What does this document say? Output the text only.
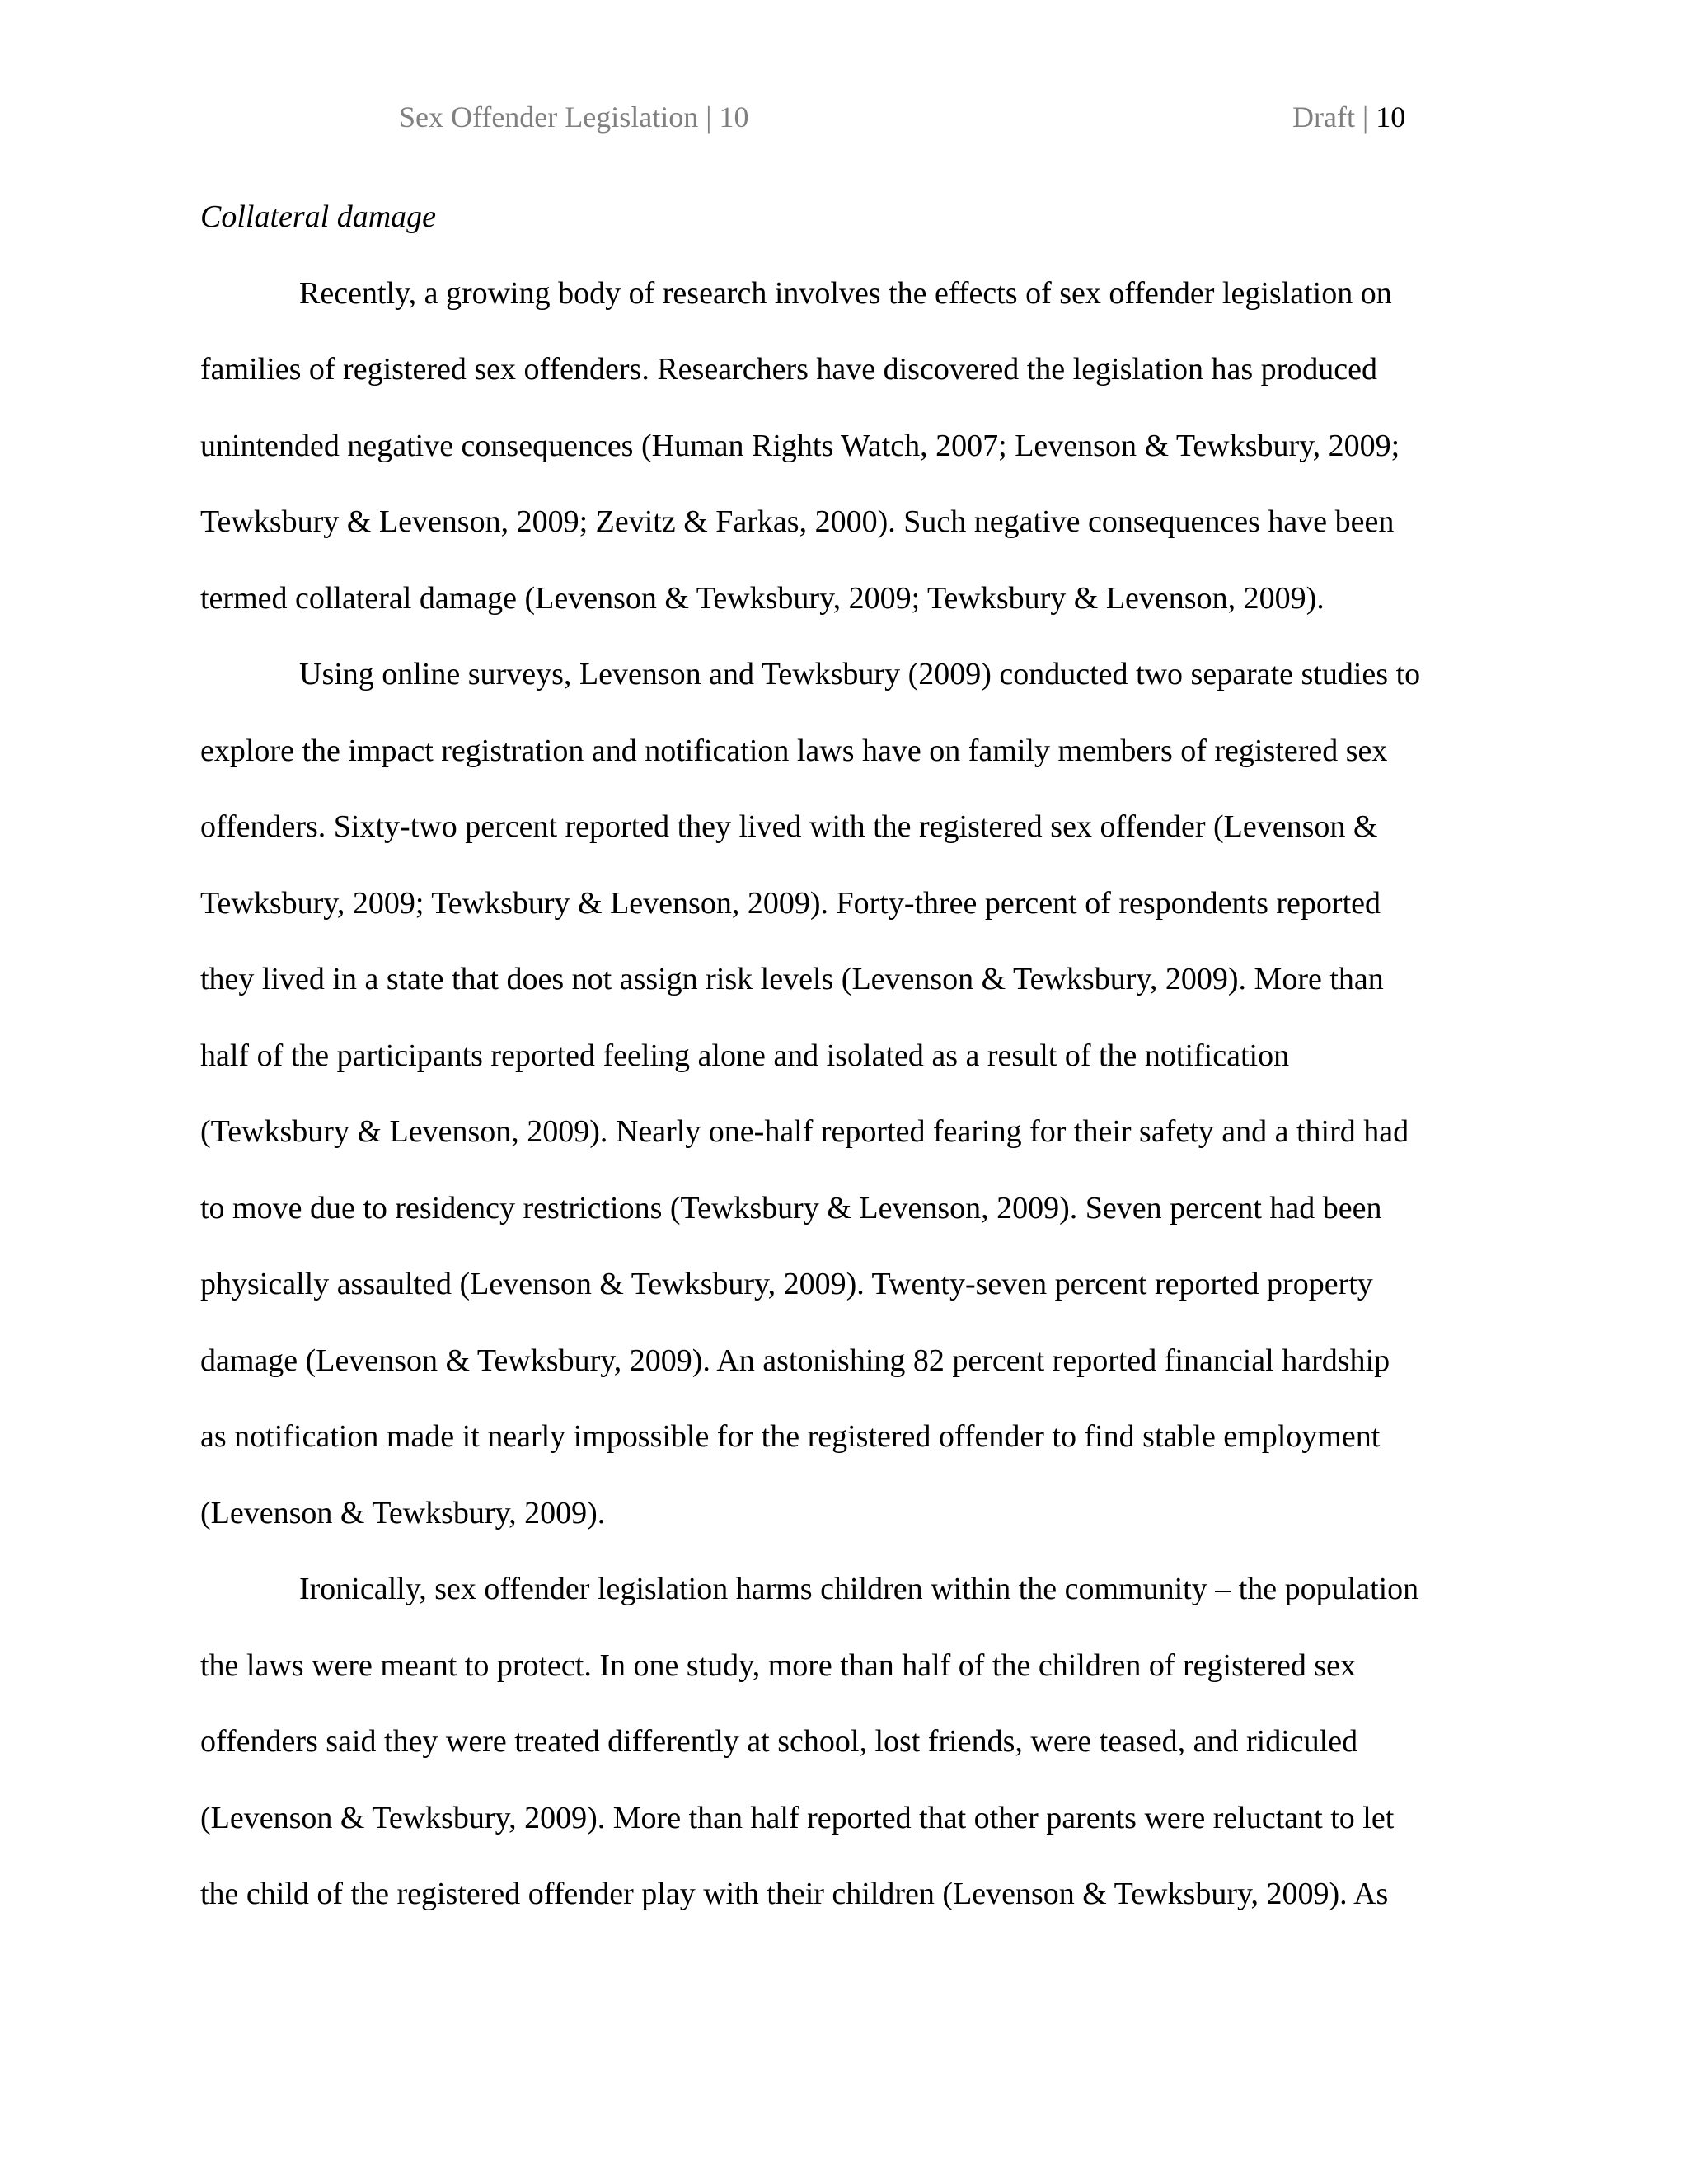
Sex Offender Legislation | 10	Draft | 10
Collateral damage
Recently, a growing body of research involves the effects of sex offender legislation on
families of registered sex offenders. Researchers have discovered the legislation has produced
unintended negative consequences (Human Rights Watch, 2007; Levenson & Tewksbury, 2009;
Tewksbury & Levenson, 2009; Zevitz & Farkas, 2000). Such negative consequences have been
termed collateral damage (Levenson & Tewksbury, 2009; Tewksbury & Levenson, 2009).
Using online surveys, Levenson and Tewksbury (2009) conducted two separate studies to
explore the impact registration and notification laws have on family members of registered sex
offenders. Sixty-two percent reported they lived with the registered sex offender (Levenson &
Tewksbury, 2009; Tewksbury & Levenson, 2009). Forty-three percent of respondents reported
they lived in a state that does not assign risk levels (Levenson & Tewksbury, 2009). More than
half of the participants reported feeling alone and isolated as a result of the notification
(Tewksbury & Levenson, 2009). Nearly one-half reported fearing for their safety and a third had
to move due to residency restrictions (Tewksbury & Levenson, 2009). Seven percent had been
physically assaulted (Levenson & Tewksbury, 2009). Twenty-seven percent reported property
damage (Levenson & Tewksbury, 2009). An astonishing 82 percent reported financial hardship
as notification made it nearly impossible for the registered offender to find stable employment
(Levenson & Tewksbury, 2009).
Ironically, sex offender legislation harms children within the community – the population
the laws were meant to protect. In one study, more than half of the children of registered sex
offenders said they were treated differently at school, lost friends, were teased, and ridiculed
(Levenson & Tewksbury, 2009). More than half reported that other parents were reluctant to let
the child of the registered offender play with their children (Levenson & Tewksbury, 2009). As
